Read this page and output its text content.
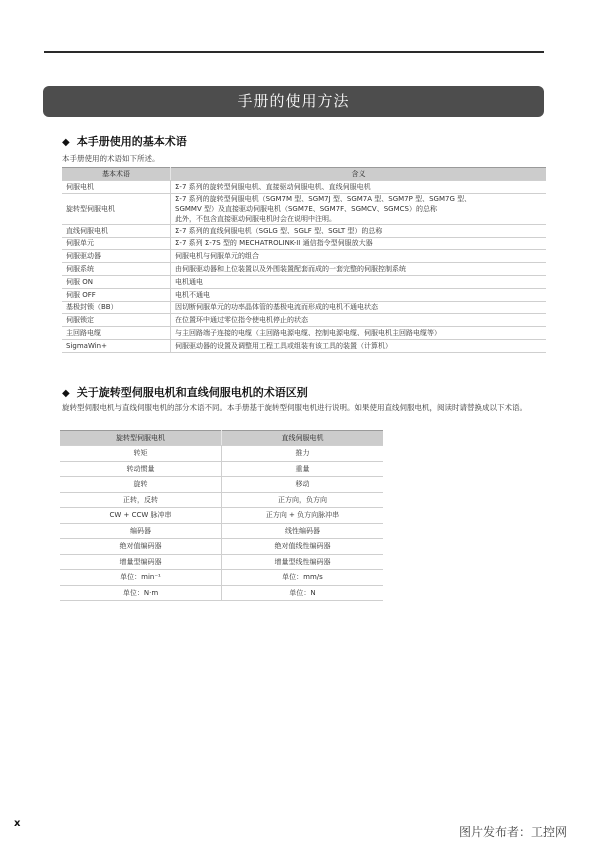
手册的使用方法
◆ 本手册使用的基本术语
本手册使用的术语如下所述。
基本术语	含义
伺服电机	Σ-7 系列的旋转型伺服电机、直接驱动伺服电机、直线伺服电机
旋转型伺服电机	Σ-7 系列的旋转型伺服电机（SGM7M 型、SGM7J 型、SGM7A 型、SGM7P 型、SGM7G 型、
SGMMV 型）及直接驱动伺服电机（SGM7E、SGM7F、SGMCV、SGMCS）的总称
此外，不包含直接驱动伺服电机时会在说明中注明。
直线伺服电机	Σ-7 系列的直线伺服电机（SGLG 型、SGLF 型、SGLT 型）的总称
伺服单元	Σ-7 系列 Σ-7S 型的 MECHATROLINK-II 通信指令型伺服放大器
伺服驱动器	伺服电机与伺服单元的组合
伺服系统	由伺服驱动器和上位装置以及外围装置配套而成的一套完整的伺服控制系统
伺服 ON	电机通电
伺服 OFF	电机不通电
基极封锁（BB）	因切断伺服单元的功率晶体管的基极电流而形成的电机不通电状态
伺服锁定	在位置环中通过零位指令使电机停止的状态
主回路电缆	与主回路端子连接的电缆（主回路电源电缆、控制电源电缆、伺服电机主回路电缆等）
SigmaWin+	伺服驱动器的设置及调整用工程工具或组装有该工具的装置（计算机）
◆ 关于旋转型伺服电机和直线伺服电机的术语区别
旋转型伺服电机与直线伺服电机的部分术语不同。本手册基于旋转型伺服电机进行说明。如果使用直线伺服电机，阅读时请替换成以下术语。
旋转型伺服电机	直线伺服电机
转矩	推力
转动惯量	重量
旋转	移动
正转，反转	正方向，负方向
CW + CCW 脉冲串	正方向 + 负方向脉冲串
编码器	线性编码器
绝对值编码器	绝对值线性编码器
增量型编码器	增量型线性编码器
单位：min⁻¹	单位：mm/s
单位：N·m	单位：N
x
图片发布者：工控网
